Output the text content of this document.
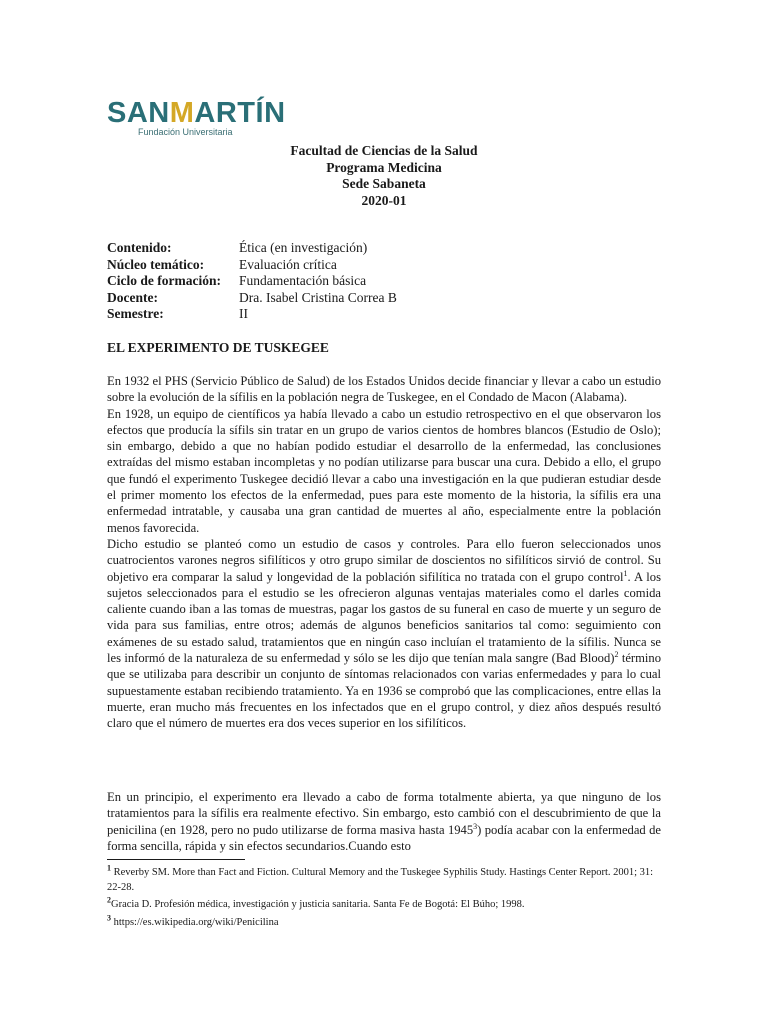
SANMARTÍN
Fundación Universitaria
Facultad de Ciencias de la Salud
Programa Medicina
Sede Sabaneta
2020-01
Contenido:	Ética (en investigación)
Núcleo temático:	Evaluación crítica
Ciclo de formación:	Fundamentación básica
Docente:	Dra. Isabel Cristina Correa B
Semestre:	II
EL EXPERIMENTO DE TUSKEGEE

En 1932 el PHS (Servicio Público de Salud) de los Estados Unidos decide financiar y llevar a cabo un estudio sobre la evolución de la sífilis en la población negra de Tuskegee, en el Condado de Macon (Alabama).

En 1928, un equipo de científicos ya había llevado a cabo un estudio retrospectivo en el que observaron los efectos que producía la sífils sin tratar en un grupo de varios cientos de hombres blancos (Estudio de Oslo); sin embargo, debido a que no habían podido estudiar el desarrollo de la enfermedad, las conclusiones extraídas del mismo estaban incompletas y no podían utilizarse para buscar una cura. Debido a ello, el grupo que fundó el experimento Tuskegee decidió llevar a cabo una investigación en la que pudieran estudiar desde el primer momento los efectos de la enfermedad, pues para este momento de la historia, la sífilis era una enfermedad intratable, y causaba una gran cantidad de muertes al año, especialmente entre la población menos favorecida.

Dicho estudio se planteó como un estudio de casos y controles. Para ello fueron seleccionados unos cuatrocientos varones negros sifilíticos y otro grupo similar de doscientos no sifilíticos sirvió de control. Su objetivo era comparar la salud y longevidad de la población sifilítica no tratada con el grupo control$^1$. A los sujetos seleccionados para el estudio se les ofrecieron algunas ventajas materiales como el darles comida caliente cuando iban a las tomas de muestras, pagar los gastos de su funeral en caso de muerte y un seguro de vida para sus familias, entre otros; además de algunos beneficios sanitarios tal como: seguimiento con exámenes de su estado salud, tratamientos que en ningún caso incluían el tratamiento de la sífilis. Nunca se les informó de la naturaleza de su enfermedad y sólo se les dijo que tenían mala sangre (Bad Blood)$^2$ término que se utilizaba para describir un conjunto de síntomas relacionados con varias enfermedades y para lo cual supuestamente estaban recibiendo tratamiento. Ya en 1936 se comprobó que las complicaciones, entre ellas la muerte, eran mucho más frecuentes en los infectados que en el grupo control, y diez años después resultó claro que el número de muertes era dos veces superior en los sifilíticos.

En un principio, el experimento era llevado a cabo de forma totalmente abierta, ya que ninguno de los tratamientos para la sífilis era realmente efectivo. Sin embargo, esto cambió con el descubrimiento de que la penicilina (en 1928, pero no pudo utilizarse de forma masiva hasta 1945$^3$) podía acabar con la enfermedad de forma sencilla, rápida y sin efectos secundarios.Cuando esto

$^1$ Reverby SM. More than Fact and Fiction. Cultural Memory and the Tuskegee Syphilis Study. Hastings Center Report. 2001; 31: 22-28.

$^2$Gracia D. Profesión médica, investigación y justicia sanitaria. Santa Fe de Bogotá: El Búho; 1998.

$^3$ https://es.wikipedia.org/wiki/Penicilina
